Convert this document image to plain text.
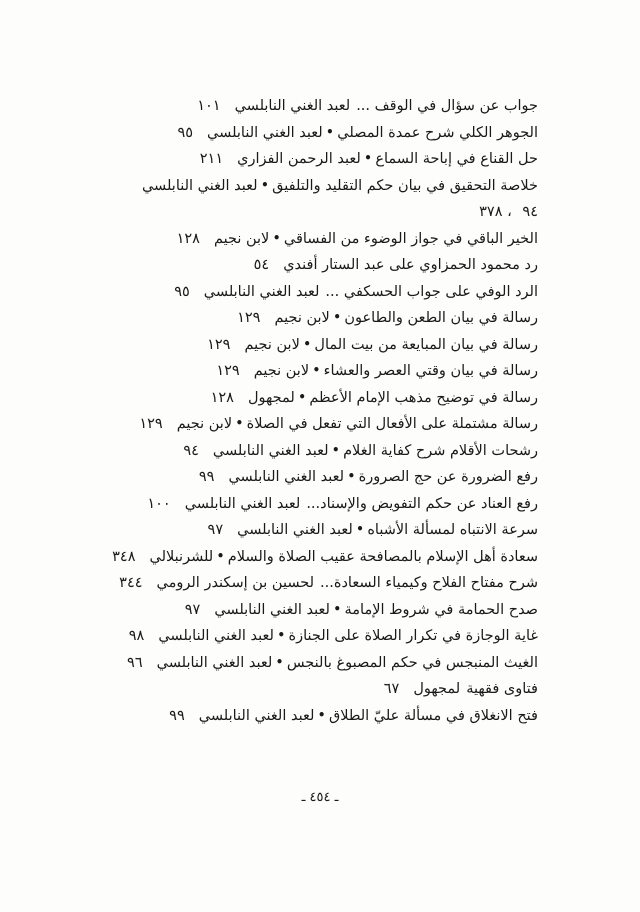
جواب عن سؤال في الوقف ...لعبد الغني النابلسي١٠١
الجوهر الكلي شرح عمدة المصلي•لعبد الغني النابلسي٩٥
حل القناع في إباحة السماع•لعبد الرحمن الفزاري٢١١
خلاصة التحقيق في بيان حكم التقليد والتلفيق•لعبد الغني النابلسي
٩٤ ، ٣٧٨
الخير الباقي في جواز الوضوء من الفساقي•لابن نجيم١٢٨
رد محمود الحمزاوي على عبد الستار أفندي٥٤
الرد الوفي على جواب الحسكفي ...لعبد الغني النابلسي٩٥
رسالة في بيان الطعن والطاعون•لابن نجيم١٢٩
رسالة في بيان المبايعة من بيت المال•لابن نجيم١٢٩
رسالة في بيان وقتي العصر والعشاء•لابن نجيم١٢٩
رسالة في توضيح مذهب الإمام الأعظم•لمجهول١٢٨
رسالة مشتملة على الأفعال التي تفعل في الصلاة•لابن نجيم١٢٩
رشحات الأقلام شرح كفاية الغلام•لعبد الغني النابلسي٩٤
رفع الضرورة عن حج الصرورة•لعبد الغني النابلسي٩٩
رفع العناد عن حكم التفويض والإسناد...لعبد الغني النابلسي١٠٠
سرعة الانتباه لمسألة الأشباه•لعبد الغني النابلسي٩٧
سعادة أهل الإسلام بالمصافحة عقيب الصلاة والسلام•للشرنبلالي٣٤٨
شرح مفتاح الفلاح وكيمياء السعادة...لحسين بن إسكندر الرومي٣٤٤
صدح الحمامة في شروط الإمامة•لعبد الغني النابلسي٩٧
غاية الوجازة في تكرار الصلاة على الجنازة•لعبد الغني النابلسي٩٨
الغيث المنبجس في حكم المصبوغ بالنجس•لعبد الغني النابلسي٩٦
فتاوى فقهيةلمجهول٦٧
فتح الانغلاق في مسألة عليّ الطلاق•لعبد الغني النابلسي٩٩
ـ ٤٥٤ ـ
